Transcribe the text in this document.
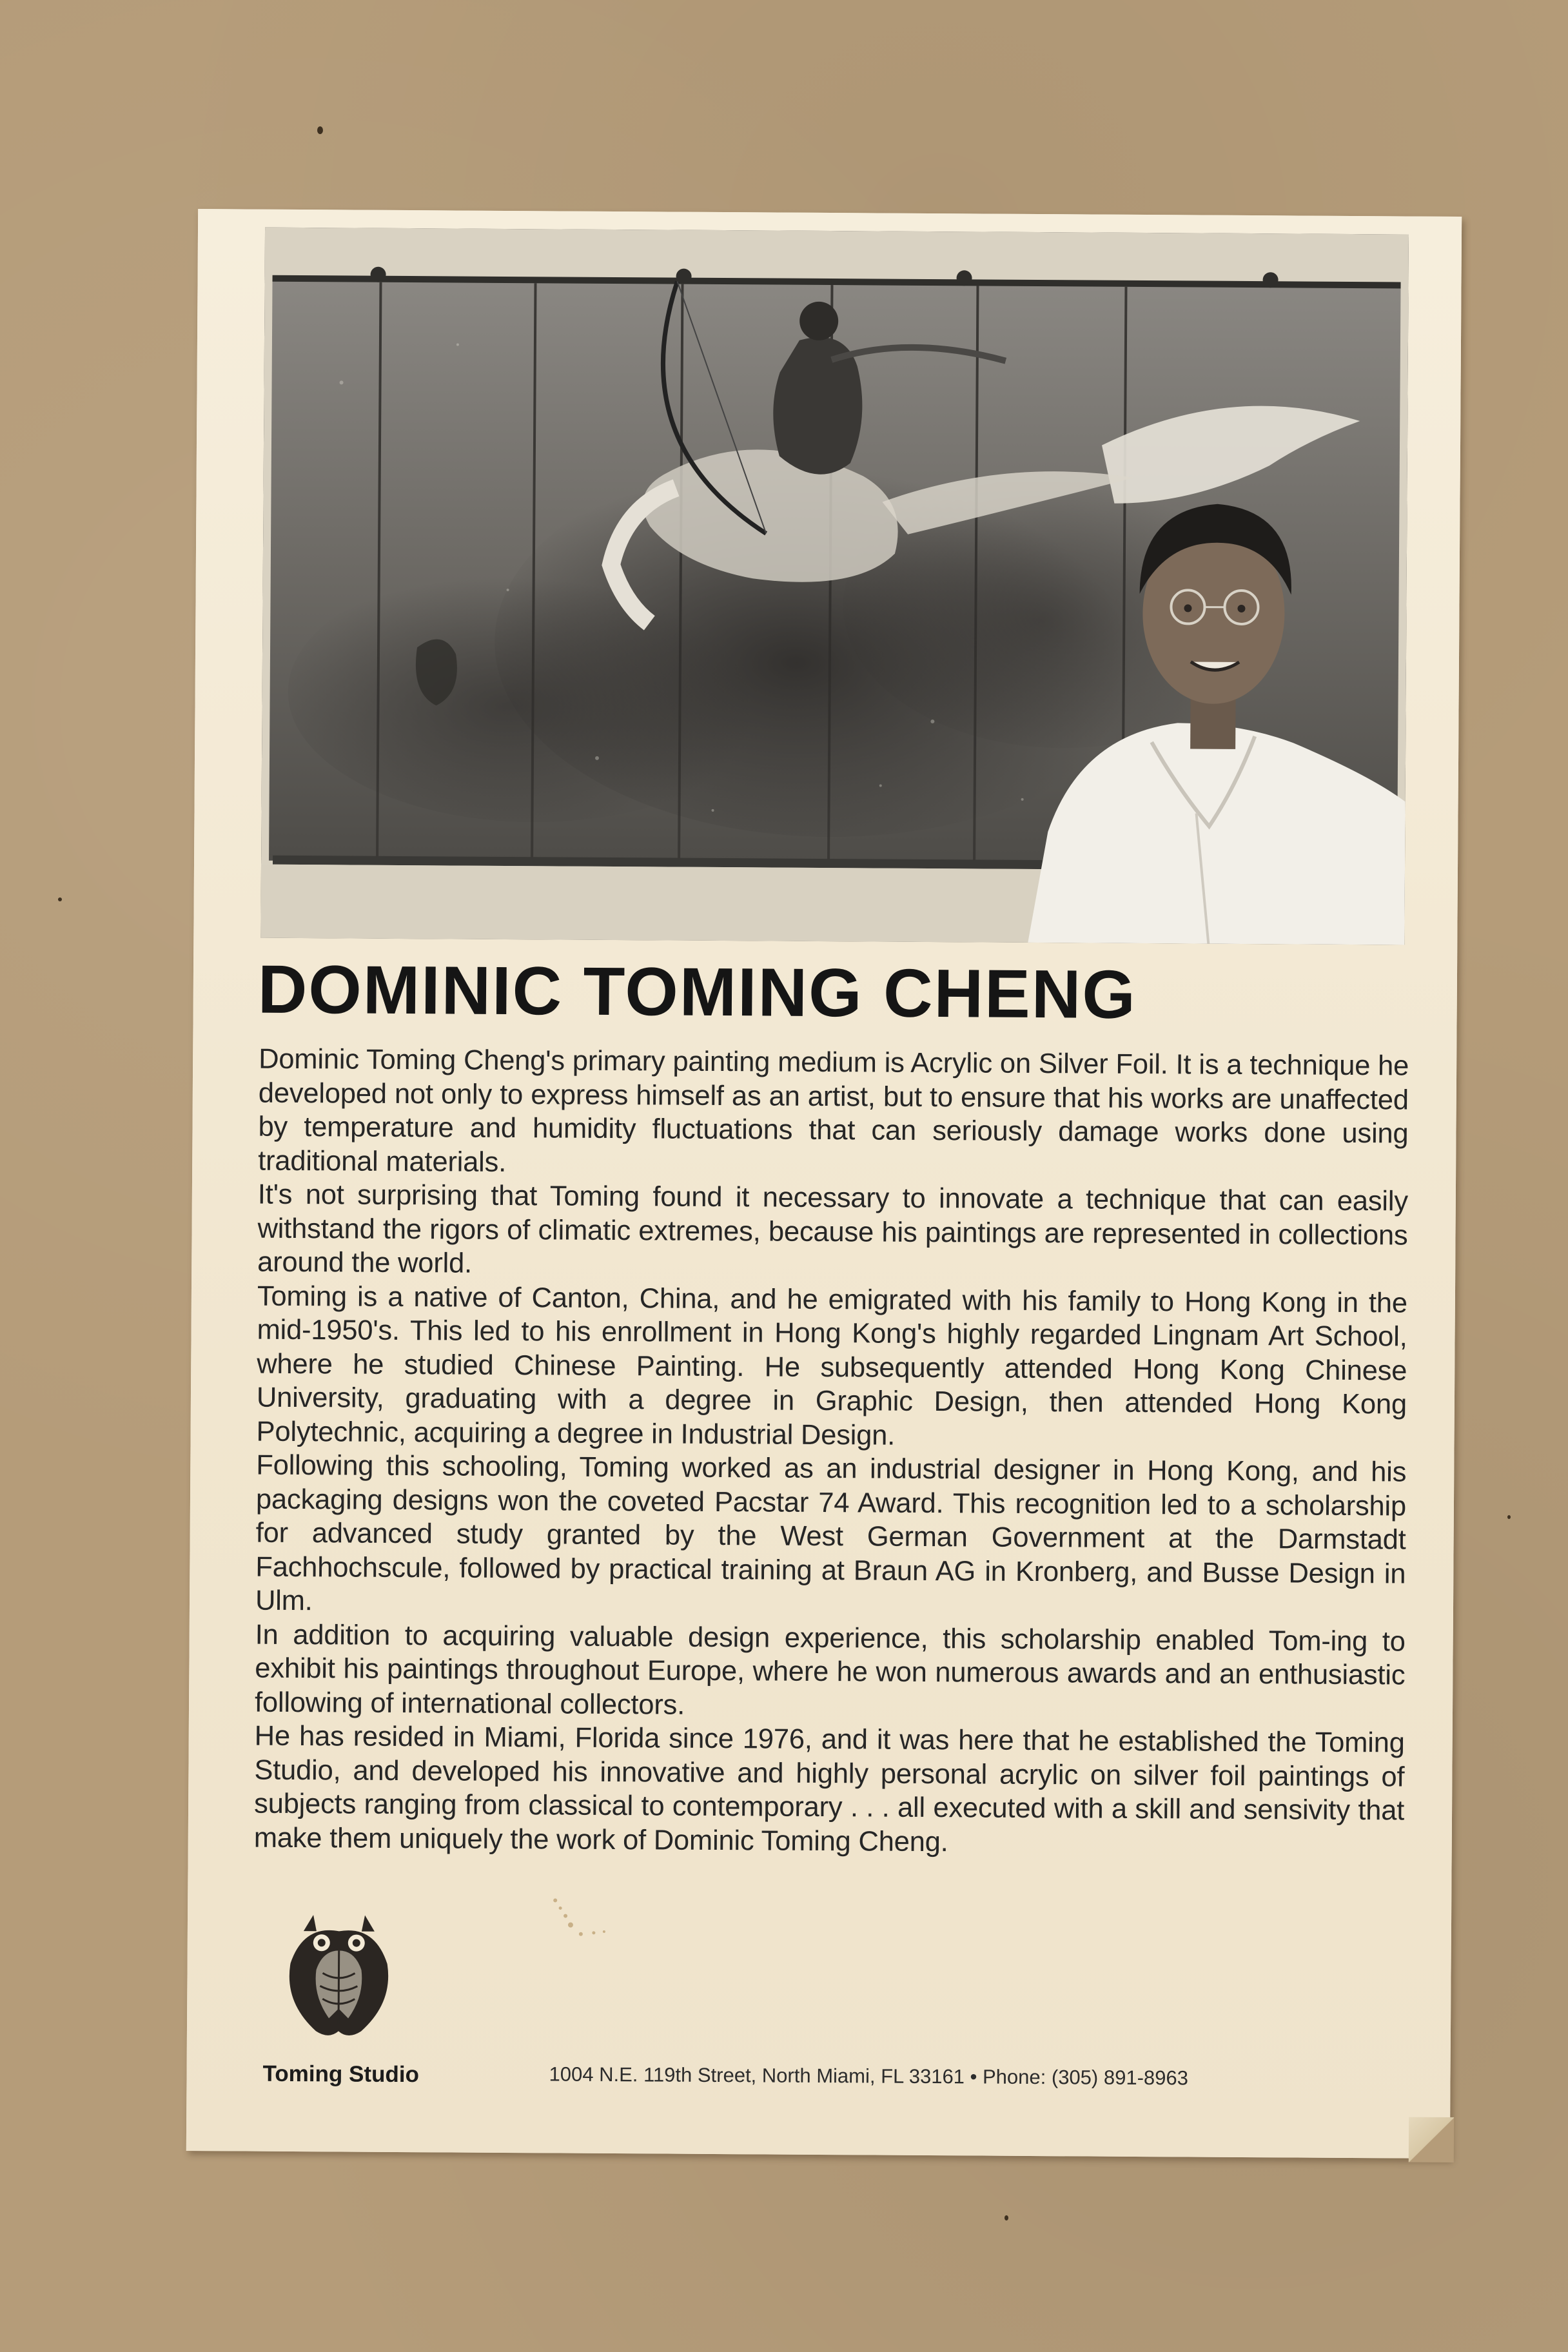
DOMINIC TOMING CHENG

Dominic Toming Cheng's primary painting medium is Acrylic on Silver Foil. It is a technique he developed not only to express himself as an artist, but to ensure that his works are unaffected by temperature and humidity fluctuations that can seriously damage works done using traditional materials.

It's not surprising that Toming found it necessary to innovate a technique that can easily withstand the rigors of climatic extremes, because his paintings are represented in collections around the world.

Toming is a native of Canton, China, and he emigrated with his family to Hong Kong in the mid-1950's. This led to his enrollment in Hong Kong's highly regarded Lingnam Art School, where he studied Chinese Painting. He subsequently attended Hong Kong Chinese University, graduating with a degree in Graphic Design, then attended Hong Kong Polytechnic, acquiring a degree in Industrial Design.

Following this schooling, Toming worked as an industrial designer in Hong Kong, and his packaging designs won the coveted Pacstar 74 Award. This recognition led to a scholarship for advanced study granted by the West German Government at the Darmstadt Fachhochscule, followed by practical training at Braun AG in Kronberg, and Busse Design in Ulm.

In addition to acquiring valuable design experience, this scholarship enabled Tom-ing to exhibit his paintings throughout Europe, where he won numerous awards and an enthusiastic following of international collectors.

He has resided in Miami, Florida since 1976, and it was here that he established the Toming Studio, and developed his innovative and highly personal acrylic on silver foil paintings of subjects ranging from classical to contemporary . . . all executed with a skill and sensivity that make them uniquely the work of Dominic Toming Cheng.

Toming Studio	1004 N.E. 119th Street, North Miami, FL 33161 • Phone: (305) 891-8963
